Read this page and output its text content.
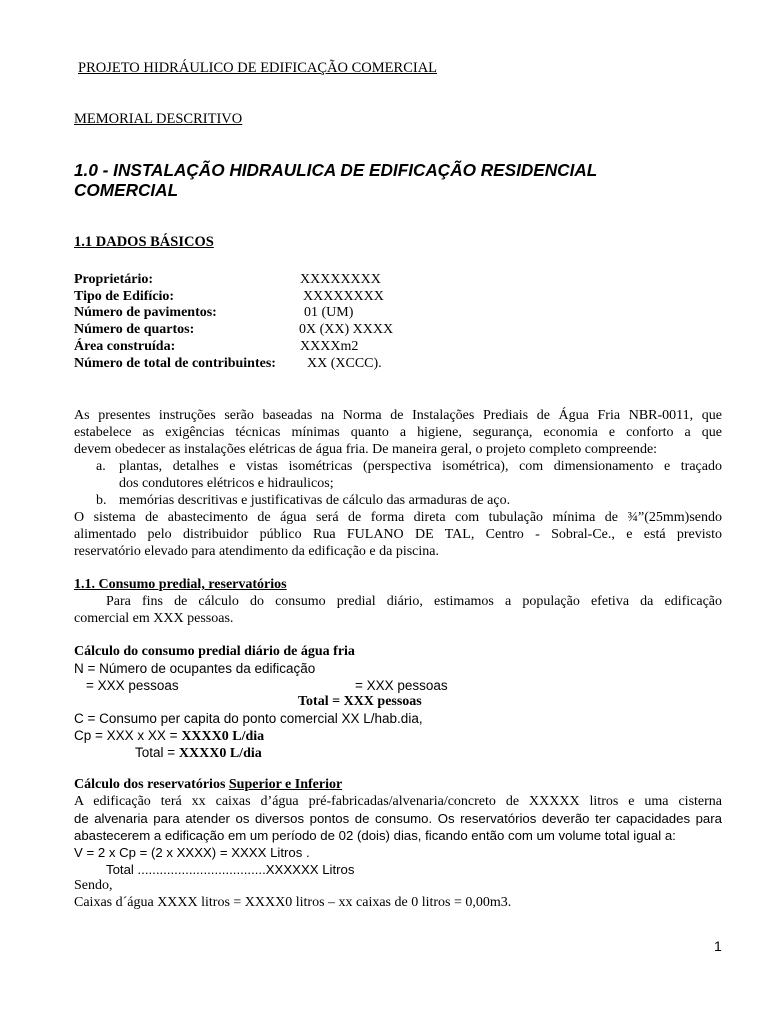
PROJETO HIDRÁULICO DE EDIFICAÇÃO COMERCIAL
MEMORIAL DESCRITIVO
1.0 - INSTALAÇÃO HIDRAULICA DE EDIFICAÇÃO RESIDENCIAL
COMERCIAL
1.1 DADOS BÁSICOS
Proprietário:	XXXXXXXX
Tipo de Edifício:	XXXXXXXX
Número de pavimentos:	01 (UM)
Número de quartos:	0X (XX) XXXX
Área construída:	XXXXm2
Número de total de contribuintes: XX (XCCC).
As presentes instruções serão baseadas na Norma de Instalações Prediais de Água Fria NBR-0011, que
estabelece as exigências técnicas mínimas quanto a higiene, segurança, economia e conforto a que
devem obedecer as instalações elétricas de água fria. De maneira geral, o projeto completo compreende:
a. plantas, detalhes e vistas isométricas (perspectiva isométrica), com dimensionamento e traçado
dos condutores elétricos e hidraulicos;
b. memórias descritivas e justificativas de cálculo das armaduras de aço.
O sistema de abastecimento de água será de forma direta com tubulação mínima de ¾”(25mm)sendo
alimentado pelo distribuidor público Rua FULANO DE TAL, Centro - Sobral-Ce., e está previsto
reservatório elevado para atendimento da edificação e da piscina.
1.1. Consumo predial, reservatórios
Para fins de cálculo do consumo predial diário, estimamos a população efetiva da edificação
comercial em XXX pessoas.
Cálculo do consumo predial diário de água fria
N = Número de ocupantes da edificação
= XXX pessoas	= XXX pessoas
Total = XXX pessoas
C = Consumo per capita do ponto comercial XX L/hab.dia,
Cp = XXX x XX = XXXX0 L/dia
Total = XXXX0 L/dia
Cálculo dos reservatórios Superior e Inferior
A edificação terá xx caixas d’água pré-fabricadas/alvenaria/concreto de XXXXX litros e uma cisterna
de alvenaria para atender os diversos pontos de consumo. Os reservatórios deverão ter capacidades para
abastecerem a edificação em um período de 02 (dois) dias, ficando então com um volume total igual a:
V = 2 x Cp = (2 x XXXX) = XXXX Litros .
Total ...................................XXXXXX Litros
Sendo,
Caixas d´água XXXX litros = XXXX0 litros – xx caixas de 0 litros = 0,00m3.
1
